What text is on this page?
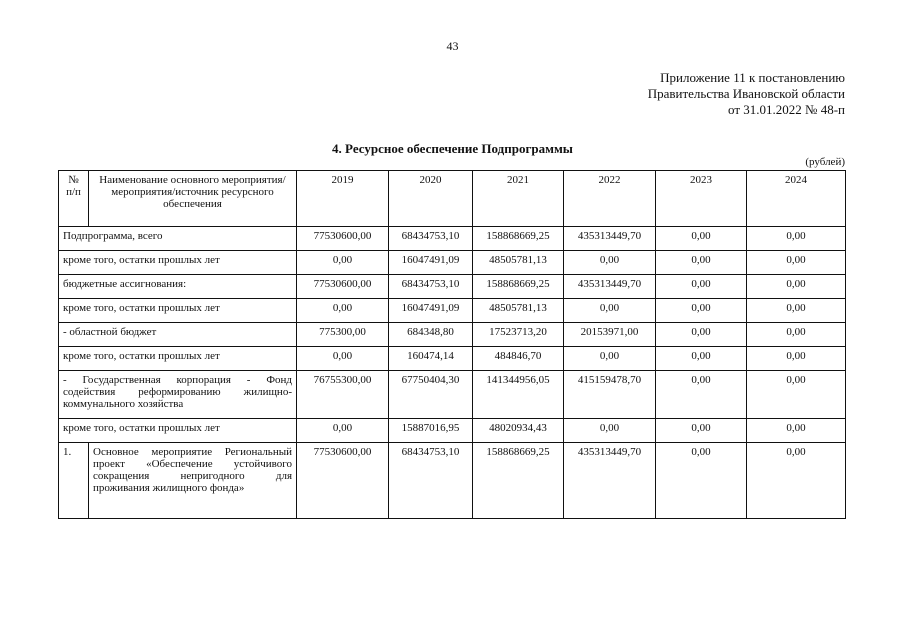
43
Приложение 11 к постановлению
Правительства Ивановской области
от 31.01.2022 № 48-п
4. Ресурсное обеспечение Подпрограммы
(рублей)
№ п/п	Наименование основного мероприятия/мероприятия/источник ресурсного обеспечения	2019	2020	2021	2022	2023	2024
Подпрограмма, всего		77530600,00	68434753,10	158868669,25	435313449,70	0,00	0,00
кроме того, остатки прошлых лет		0,00	16047491,09	48505781,13	0,00	0,00	0,00
бюджетные ассигнования:		77530600,00	68434753,10	158868669,25	435313449,70	0,00	0,00
кроме того, остатки прошлых лет		0,00	16047491,09	48505781,13	0,00	0,00	0,00
- областной бюджет		775300,00	684348,80	17523713,20	20153971,00	0,00	0,00
кроме того, остатки прошлых лет		0,00	160474,14	484846,70	0,00	0,00	0,00
- Государственная корпорация - Фонд содействия реформированию жилищно-коммунального хозяйства		76755300,00	67750404,30	141344956,05	415159478,70	0,00	0,00
кроме того, остатки прошлых лет		0,00	15887016,95	48020934,43	0,00	0,00	0,00
1.	Основное мероприятие Региональный проект «Обеспечение устойчивого сокращения непригодного для проживания жилищного фонда»	77530600,00	68434753,10	158868669,25	435313449,70	0,00	0,00
